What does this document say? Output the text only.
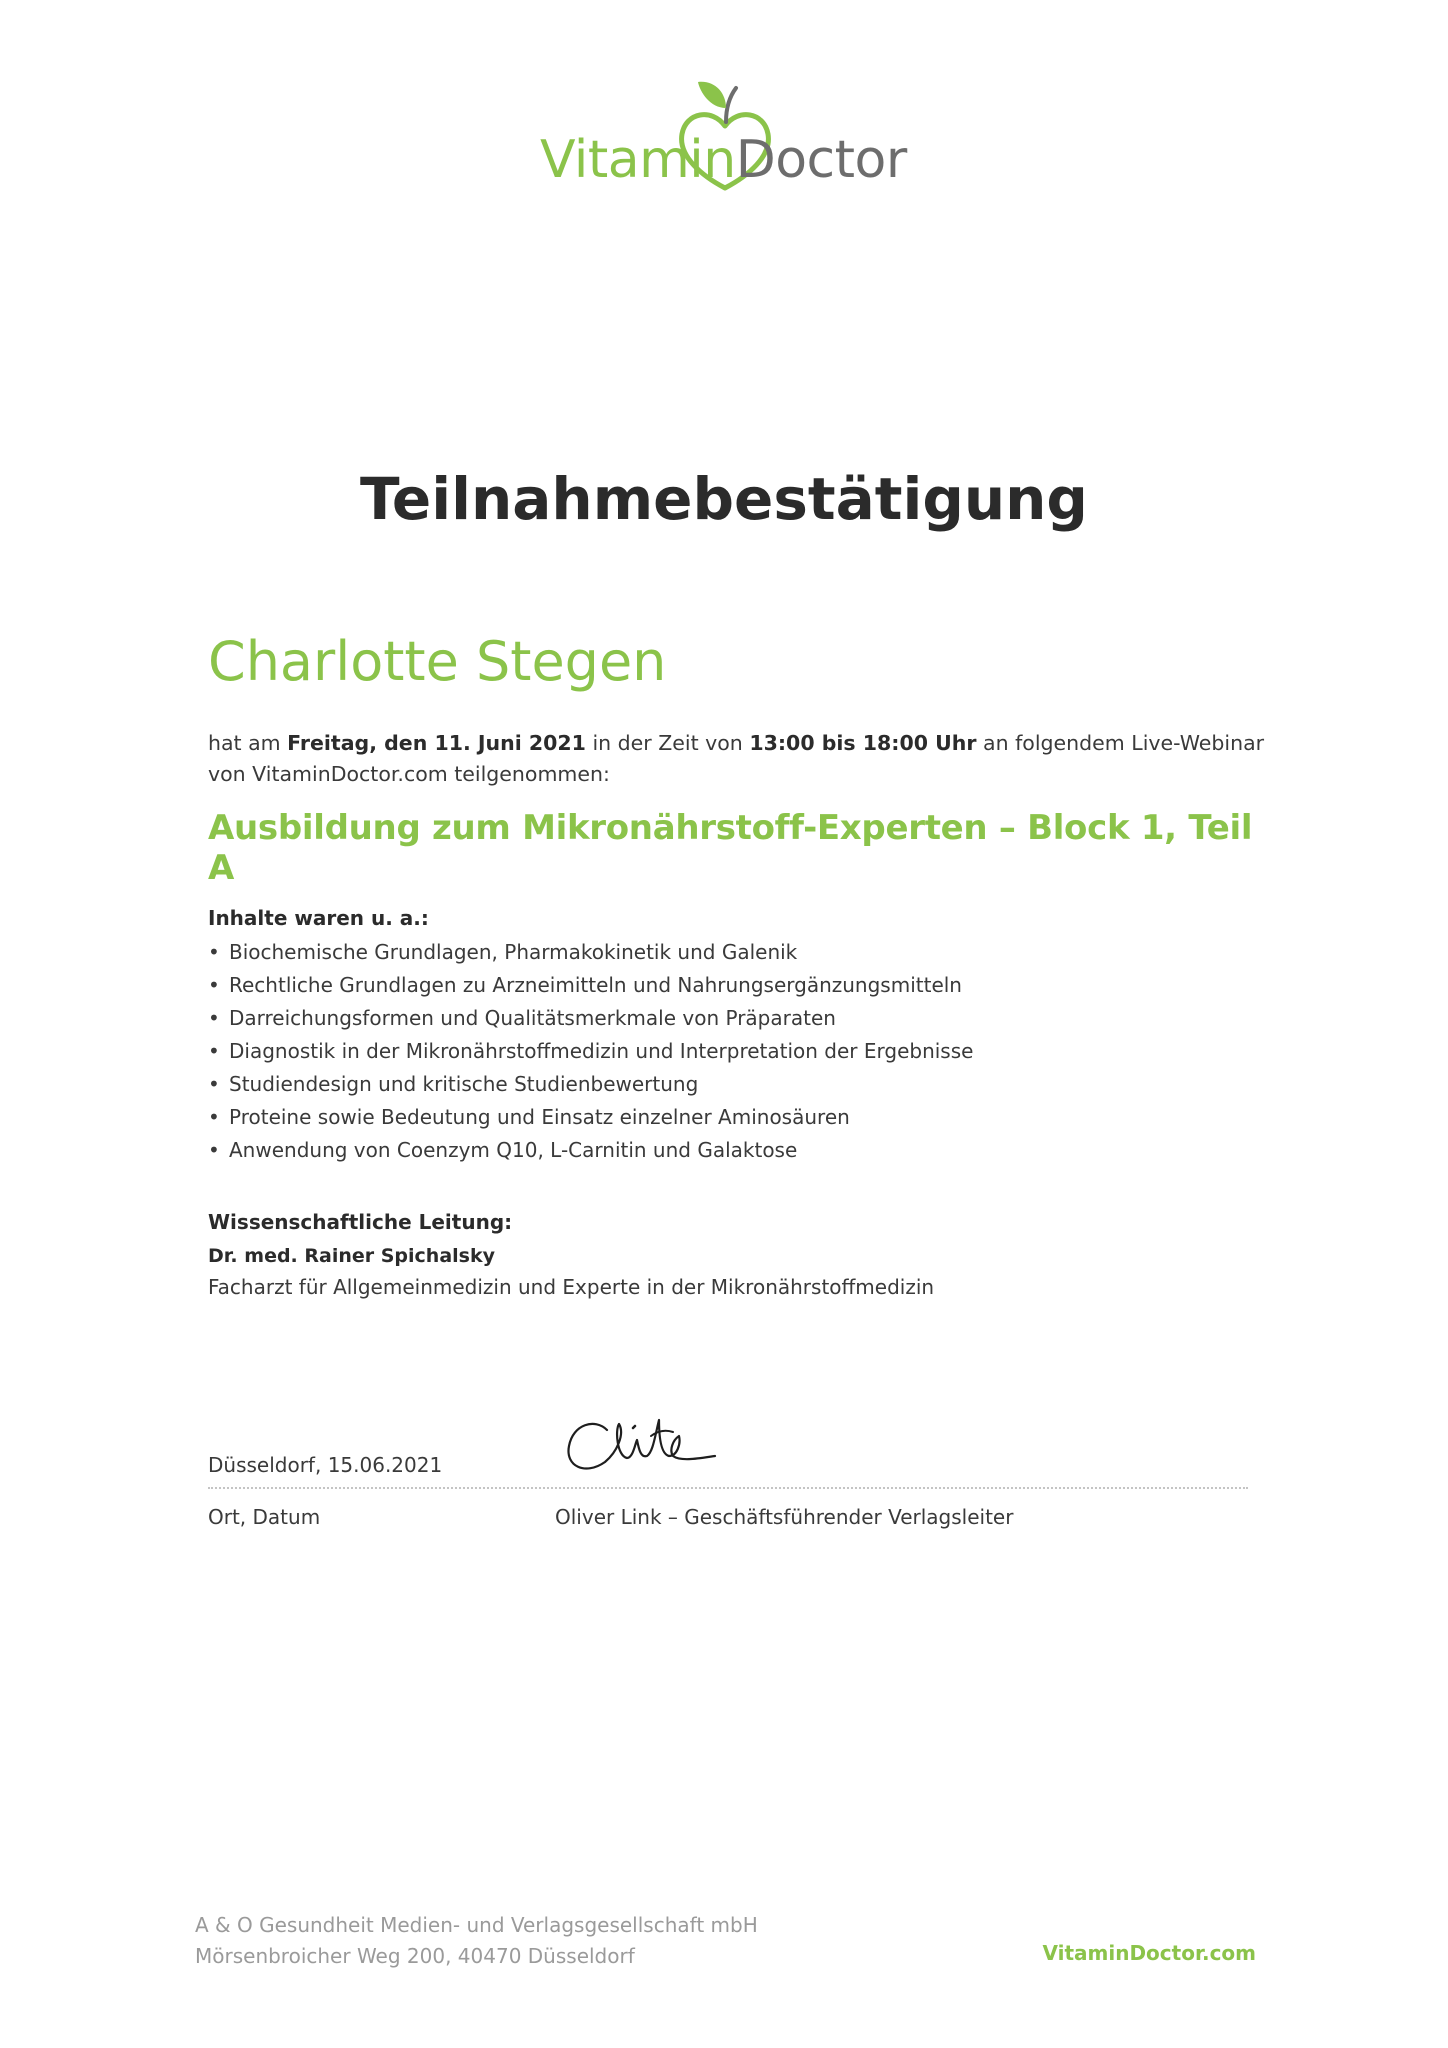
VitaminDoctor
Teilnahmebestätigung
Charlotte Stegen
hat am Freitag, den 11. Juni 2021 in der Zeit von 13:00 bis 18:00 Uhr an folgendem Live-Webinar von VitaminDoctor.com teilgenommen:
Ausbildung zum Mikronährstoff-Experten – Block 1, Teil A
Inhalte waren u. a.:
• Biochemische Grundlagen, Pharmakokinetik und Galenik
• Rechtliche Grundlagen zu Arzneimitteln und Nahrungsergänzungsmitteln
• Darreichungsformen und Qualitätsmerkmale von Präparaten
• Diagnostik in der Mikronährstoffmedizin und Interpretation der Ergebnisse
• Studiendesign und kritische Studienbewertung
• Proteine sowie Bedeutung und Einsatz einzelner Aminosäuren
• Anwendung von Coenzym Q10, L-Carnitin und Galaktose
Wissenschaftliche Leitung:
Dr. med. Rainer Spichalsky
Facharzt für Allgemeinmedizin und Experte in der Mikronährstoffmedizin
Düsseldorf, 15.06.2021
Ort, Datum	Oliver Link – Geschäftsführender Verlagsleiter
A & O Gesundheit Medien- und Verlagsgesellschaft mbH
Mörsenbroicher Weg 200, 40470 Düsseldorf	VitaminDoctor.com
